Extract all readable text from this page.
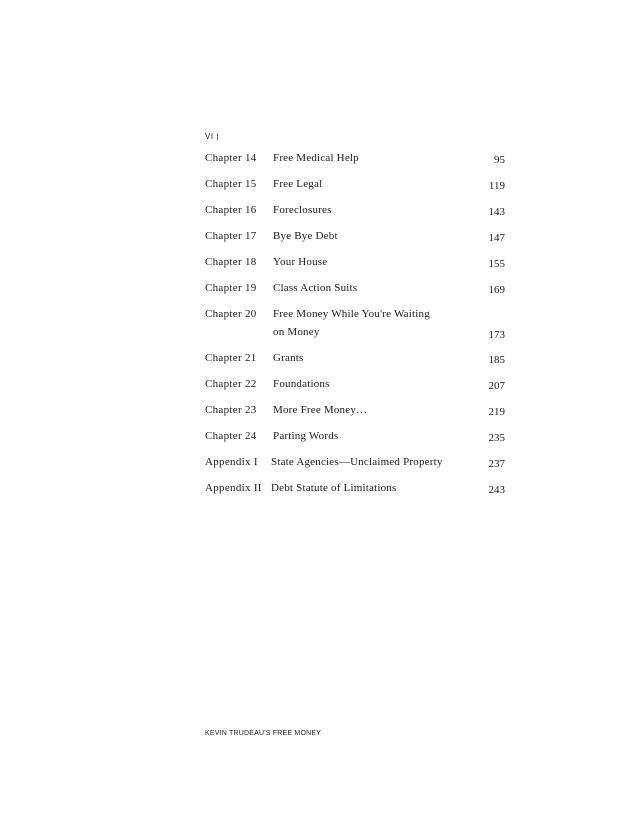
VI |
Chapter 14 Free Medical Help	95
Chapter 15 Free Legal	119
Chapter 16 Foreclosures	143
Chapter 17 Bye Bye Debt	147
Chapter 18 Your House	155
Chapter 19 Class Action Suits	169
Chapter 20 Free Money While You're Waiting
on Money	173
Chapter 21 Grants	185
Chapter 22 Foundations	207
Chapter 23 More Free Money…	219
Chapter 24 Parting Words	235
Appendix I State Agencies—Unclaimed Property	237
Appendix II Debt Statute of Limitations	243
KEVIN TRUDEAU'S FREE MONEY
